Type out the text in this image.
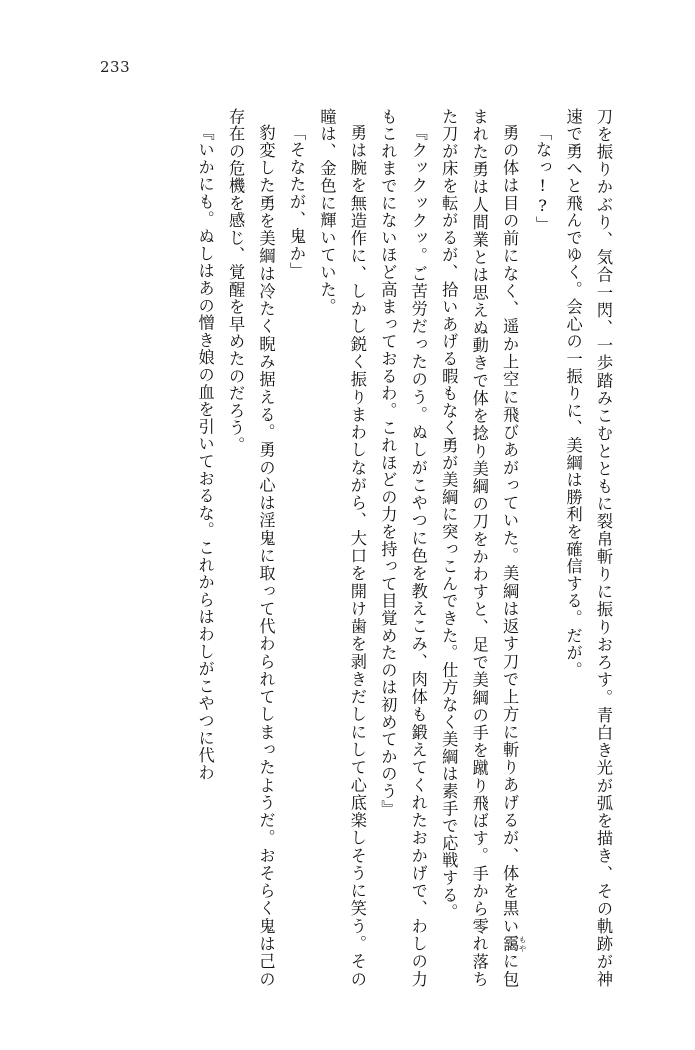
233

刀を振りかぶり、気合一閃、一歩踏みこむとともに裂帛斬りに振りおろす。青白き光が弧を描き、その軌跡が神速で勇へと飛んでゆく。会心の一振りに、美綱は勝利を確信する。だが。

「なっ!?」

勇の体は目の前になく、遥か上空に飛びあがっていた。美綱は返す刀で上方に斬りあげるが、体を黒い靄 もやに包まれた勇は人間業とは思えぬ動きで体を捻り美綱の刀をかわすと、足で美綱の手を蹴り飛ばす。手から零れ落ちた刀が床を転がるが、拾いあげる暇もなく勇が美綱に突っこんできた。仕方なく美綱は素手で応戦する。

『クックックッ。ご苦労だったのう。ぬしがこやつに色を教えこみ、肉体も鍛えてくれたおかげで、わしの力もこれまでにないほど高まっておるわ。これほどの力を持って目覚めたのは初めてかのう』

勇は腕を無造作に、しかし鋭く振りまわしながら、大口を開け歯を剥きだしにして心底楽しそうに笑う。その瞳は、金色に輝いていた。

「そなたが、鬼か」

豹変した勇を美綱は冷たく睨み据える。勇の心は淫鬼に取って代わられてしまったようだ。おそらく鬼は己の存在の危機を感じ、覚醒を早めたのだろう。

『いかにも。ぬしはあの憎き娘の血を引いておるな。これからはわしがこやつに代わ
